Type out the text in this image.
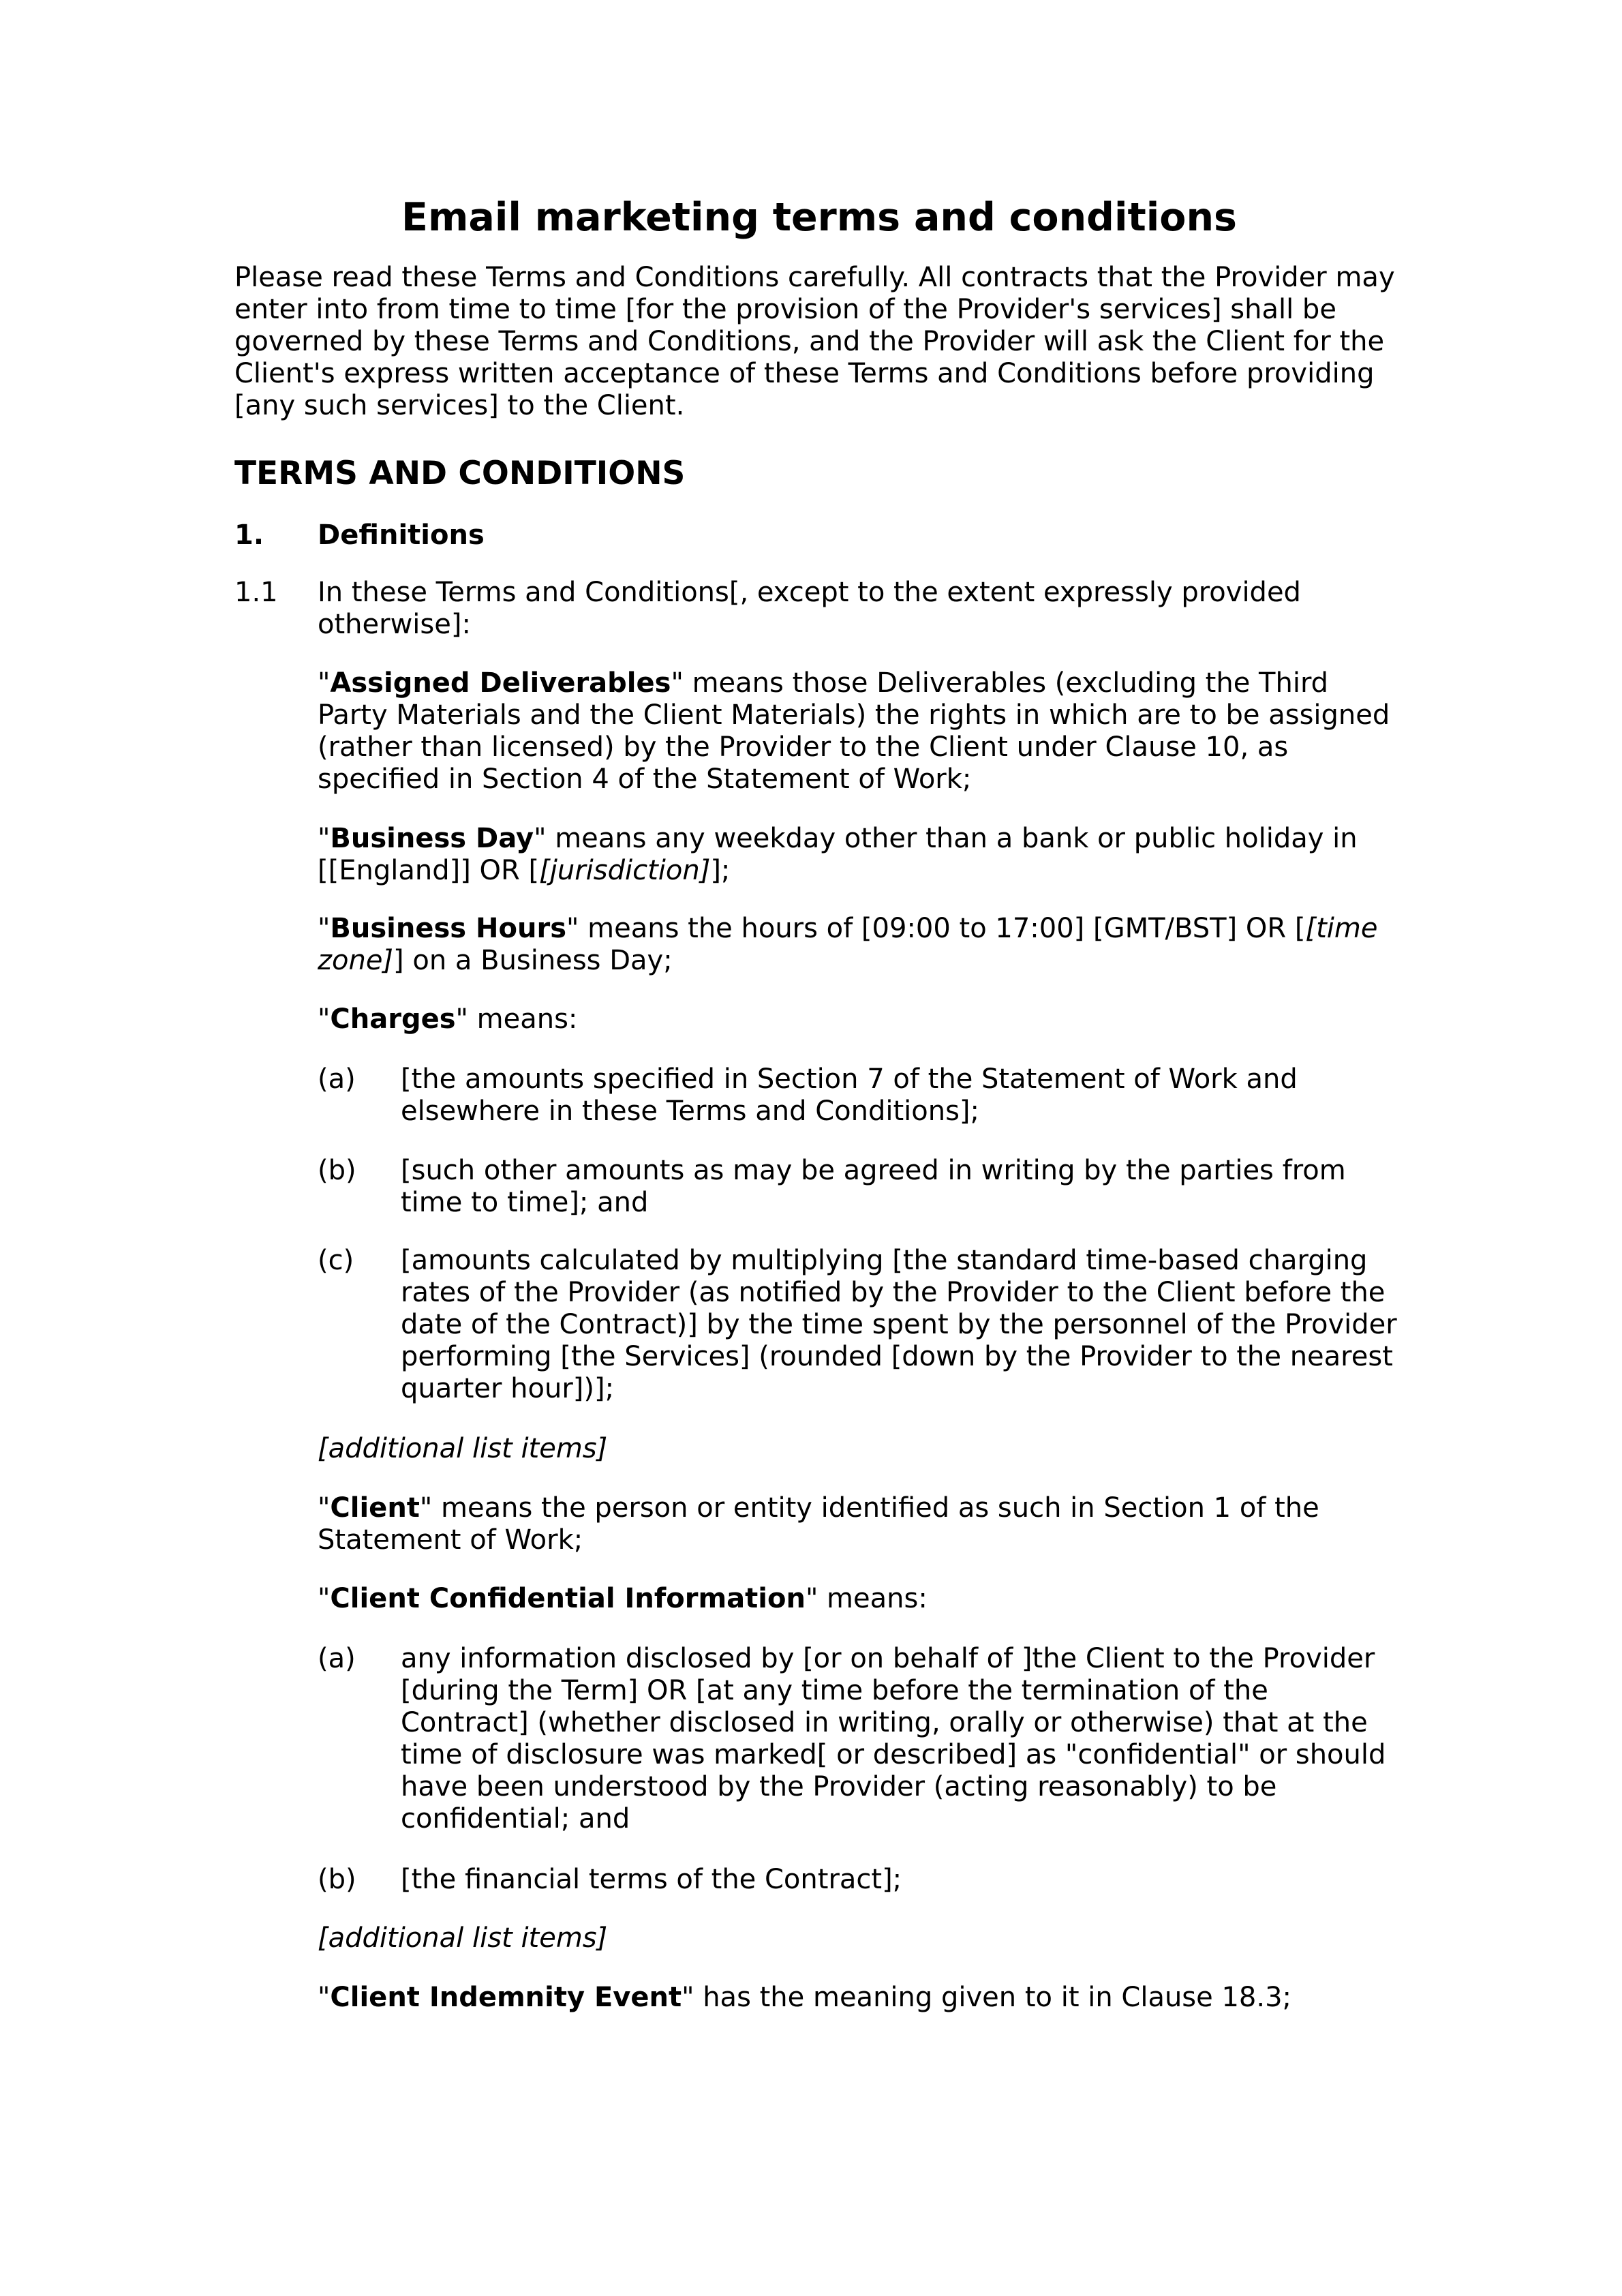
Email marketing terms and conditions

Please read these Terms and Conditions carefully. All contracts that the Provider may enter into from time to time [for the provision of the Provider's services] shall be governed by these Terms and Conditions, and the Provider will ask the Client for the Client's express written acceptance of these Terms and Conditions before providing [any such services] to the Client.

TERMS AND CONDITIONS
1. Definitions
1.1 In these Terms and Conditions[, except to the extent expressly provided otherwise]:

"Assigned Deliverables" means those Deliverables (excluding the Third Party Materials and the Client Materials) the rights in which are to be assigned (rather than licensed) by the Provider to the Client under Clause 10, as specified in Section 4 of the Statement of Work;

"Business Day" means any weekday other than a bank or public holiday in [[England]] OR [[jurisdiction]];

"Business Hours" means the hours of [09:00 to 17:00] [GMT/BST] OR [[time zone]] on a Business Day;

"Charges" means:

(a) [the amounts specified in Section 7 of the Statement of Work and elsewhere in these Terms and Conditions];
(b) [such other amounts as may be agreed in writing by the parties from time to time]; and
(c) [amounts calculated by multiplying [the standard time-based charging rates of the Provider (as notified by the Provider to the Client before the date of the Contract)] by the time spent by the personnel of the Provider performing [the Services] (rounded [down by the Provider to the nearest quarter hour])];

[additional list items]

"Client" means the person or entity identified as such in Section 1 of the Statement of Work;

"Client Confidential Information" means:

(a) any information disclosed by [or on behalf of ]the Client to the Provider [during the Term] OR [at any time before the termination of the Contract] (whether disclosed in writing, orally or otherwise) that at the time of disclosure was marked[ or described] as "confidential" or should have been understood by the Provider (acting reasonably) to be confidential; and
(b) [the financial terms of the Contract];

[additional list items]

"Client Indemnity Event" has the meaning given to it in Clause 18.3;
